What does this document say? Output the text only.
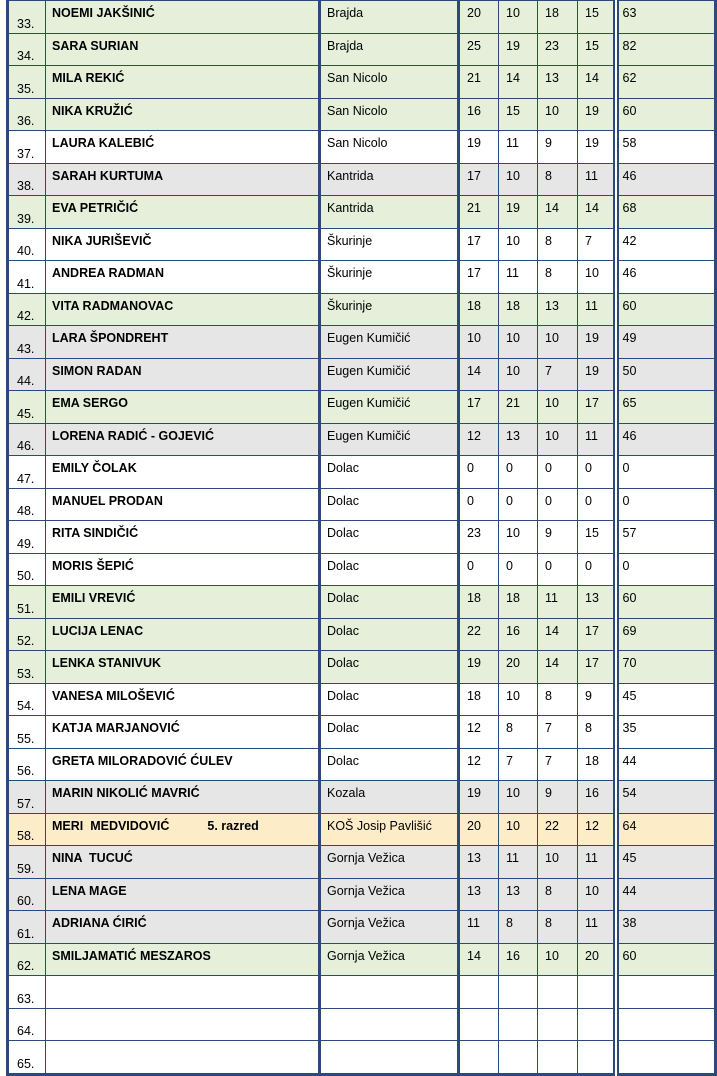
33.	NOEMI JAKŠINIĆ	Brajda	20	10	18	15	63
34.	SARA SURIAN	Brajda	25	19	23	15	82
35.	MILA REKIĆ	San Nicolo	21	14	13	14	62
36.	NIKA KRUŽIĆ	San Nicolo	16	15	10	19	60
37.	LAURA KALEBIĆ	San Nicolo	19	11	9	19	58
38.	SARAH KURTUMA	Kantrida	17	10	8	11	46
39.	EVA PETRIČIĆ	Kantrida	21	19	14	14	68
40.	NIKA JURIŠEVIČ	Škurinje	17	10	8	7	42
41.	ANDREA RADMAN	Škurinje	17	11	8	10	46
42.	VITA RADMANOVAC	Škurinje	18	18	13	11	60
43.	LARA ŠPONDREHT	Eugen Kumičić	10	10	10	19	49
44.	SIMON RADAN	Eugen Kumičić	14	10	7	19	50
45.	EMA SERGO	Eugen Kumičić	17	21	10	17	65
46.	LORENA RADIĆ - GOJEVIĆ	Eugen Kumičić	12	13	10	11	46
47.	EMILY ČOLAK	Dolac	0	0	0	0	0
48.	MANUEL PRODAN	Dolac	0	0	0	0	0
49.	RITA SINDIČIĆ	Dolac	23	10	9	15	57
50.	MORIS ŠEPIĆ	Dolac	0	0	0	0	0
51.	EMILI VREVIĆ	Dolac	18	18	11	13	60
52.	LUCIJA LENAC	Dolac	22	16	14	17	69
53.	LENKA STANIVUK	Dolac	19	20	14	17	70
54.	VANESA MILOŠEVIĆ	Dolac	18	10	8	9	45
55.	KATJA MARJANOVIĆ	Dolac	12	8	7	8	35
56.	GRETA MILORADOVIĆ ĆULEV	Dolac	12	7	7	18	44
57.	MARIN NIKOLIĆ MAVRIĆ	Kozala	19	10	9	16	54
58.	MERI  MEDVIDOVIĆ 5. razred	KOŠ Josip Pavlišić	20	10	22	12	64
59.	NINA  TUCUĆ	Gornja Vežica	13	11	10	11	45
60.	LENA MAGE	Gornja Vežica	13	13	8	10	44
61.	ADRIANA ĆIRIĆ	Gornja Vežica	11	8	8	11	38
62.	SMILJAMATIĆ MESZAROS	Gornja Vežica	14	16	10	20	60
63.							
64.							
65.							
